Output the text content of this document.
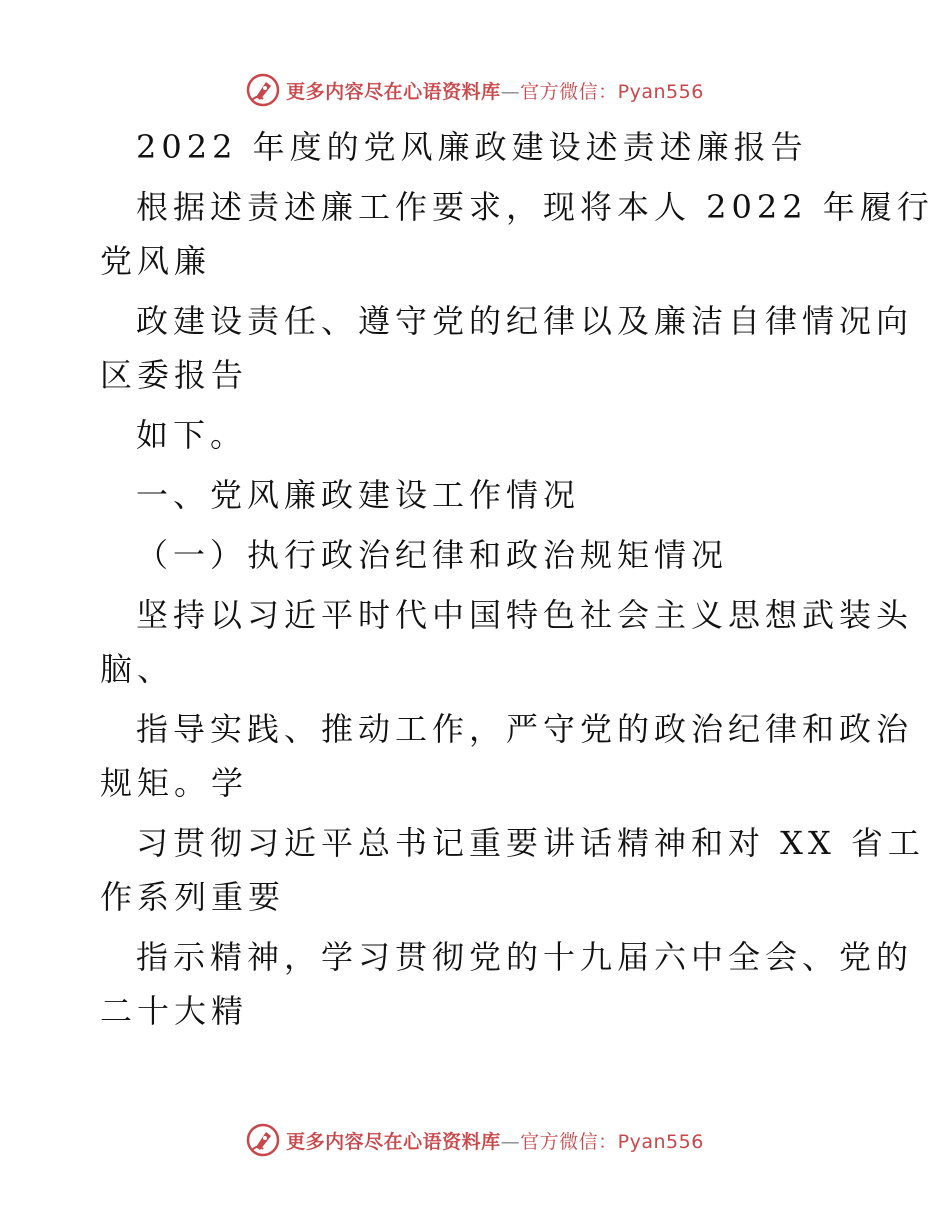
更多内容尽在心语资料库—官方微信：Pyan556
2022 年度的党风廉政建设述责述廉报告
根据述责述廉工作要求，现将本人 2022 年履行
党风廉
政建设责任、遵守党的纪律以及廉洁自律情况向
区委报告
如下。
一、党风廉政建设工作情况
（一）执行政治纪律和政治规矩情况
坚持以习近平时代中国特色社会主义思想武装头
脑、
指导实践、推动工作，严守党的政治纪律和政治
规矩。学
习贯彻习近平总书记重要讲话精神和对 XX 省工
作系列重要
指示精神，学习贯彻党的十九届六中全会、党的
二十大精
更多内容尽在心语资料库—官方微信：Pyan556
